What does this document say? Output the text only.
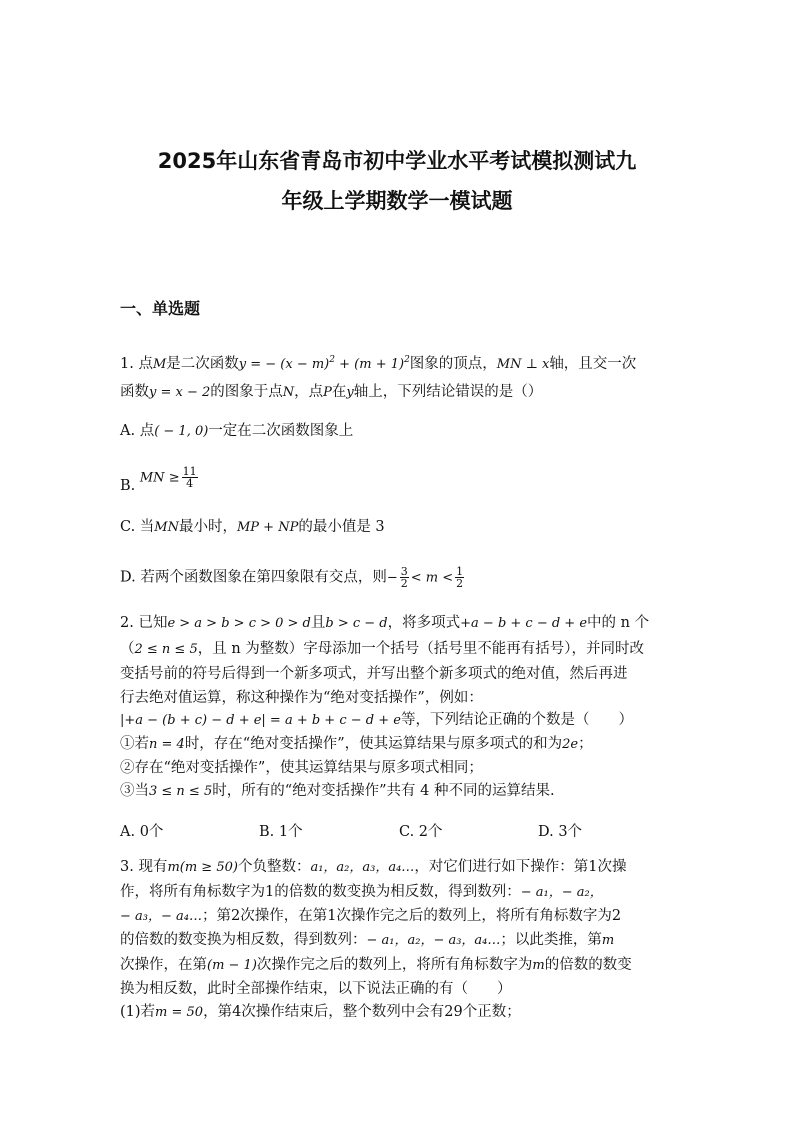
2025年山东省青岛市初中学业水平考试模拟测试九
年级上学期数学一模试题
一、单选题
1. 点M是二次函数y = − $(x - m)^2 + (m + 1)^2$图象的顶点，MN ⊥ x轴，且交一次
函数y = x − 2的图象于点N，点P在y轴上，下列结论错误的是（）
A. 点( − 1, 0)一定在二次函数图象上
B. MN ≥ $\frac{11}{4}$
C. 当MN最小时，MP + NP的最小值是 3
D. 若两个函数图象在第四象限有交点，则− $\frac{3}{2} < m < \frac{1}{2}$
2. 已知e > a > b > c > 0 > d且b > c − d，将多项式+a − b + c − d + e中的 n 个
（2 ≤ n ≤ 5，且 n 为整数）字母添加一个括号（括号里不能再有括号），并同时改
变括号前的符号后得到一个新多项式，并写出整个新多项式的绝对值，然后再进
行去绝对值运算，称这种操作为“绝对变括操作”，例如：
|+a − (b + c) − d + e| = a + b + c − d + e等，下列结论正确的个数是（　　）
①若n = 4时，存在“绝对变括操作”，使其运算结果与原多项式的和为2e；
②存在“绝对变括操作”，使其运算结果与原多项式相同；
③当3 ≤ n ≤ 5时，所有的“绝对变括操作”共有 4 种不同的运算结果.
A. 0个	B. 1个	C. 2个	D. 3个
3. 现有m(m ≥ 50)个负整数：a₁，a₂，a₃，a₄…，对它们进行如下操作：第1次操
作，将所有角标数字为1的倍数的数变换为相反数，得到数列：− a₁，− a₂，
− a₃，− a₄…；第2次操作，在第1次操作完之后的数列上，将所有角标数字为2
的倍数的数变换为相反数，得到数列：− a₁，a₂，− a₃，a₄…；以此类推，第m
次操作，在第(m − 1)次操作完之后的数列上，将所有角标数字为m的倍数的数变
换为相反数，此时全部操作结束，以下说法正确的有（　　）
(1)若m = 50，第4次操作结束后，整个数列中会有29个正数；
